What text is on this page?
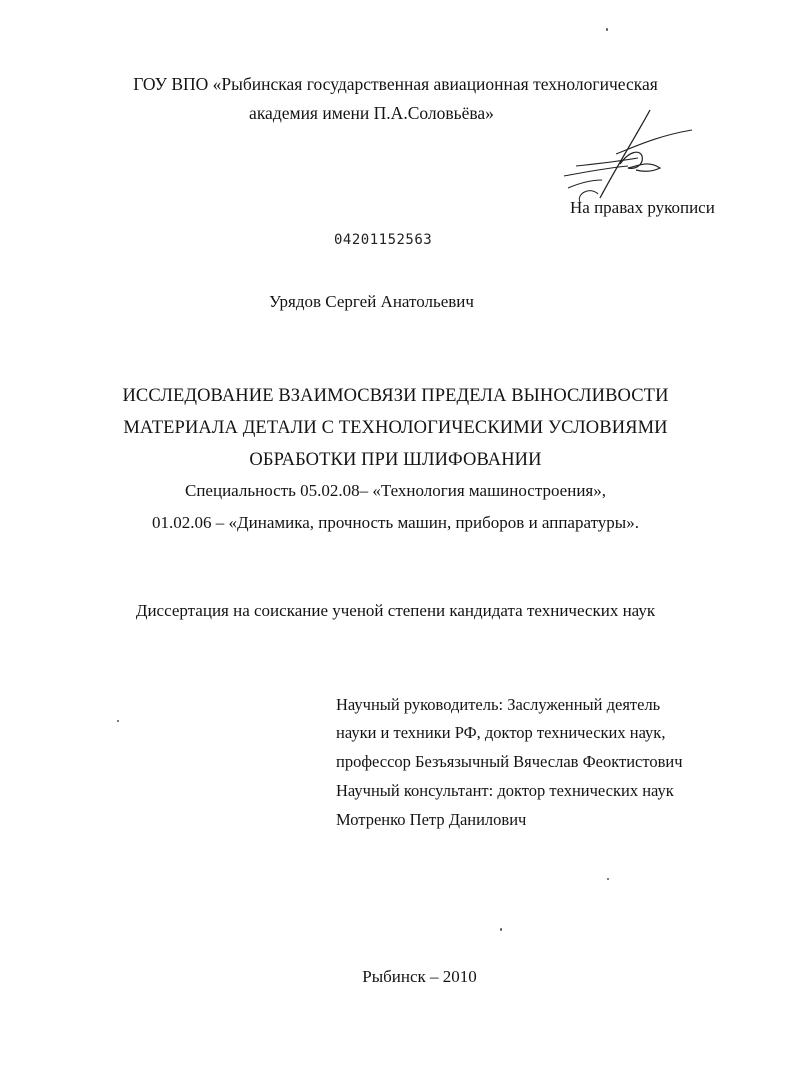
ГОУ ВПО «Рыбинская государственная авиационная технологическая
академия имени П.А.Соловьёва»
На правах рукописи
04201152563
Урядов Сергей Анатольевич
ИССЛЕДОВАНИЕ ВЗАИМОСВЯЗИ ПРЕДЕЛА ВЫНОСЛИВОСТИ
МАТЕРИАЛА ДЕТАЛИ С ТЕХНОЛОГИЧЕСКИМИ УСЛОВИЯМИ
ОБРАБОТКИ ПРИ ШЛИФОВАНИИ
Специальность 05.02.08– «Технология машиностроения»,
01.02.06 – «Динамика, прочность машин, приборов и аппаратуры».
Диссертация на соискание ученой степени кандидата технических наук
Научный руководитель: Заслуженный деятель
науки и техники РФ, доктор технических наук,
профессор Безъязычный Вячеслав Феоктистович
Научный консультант: доктор технических наук
Мотренко Петр Данилович
Рыбинск – 2010
